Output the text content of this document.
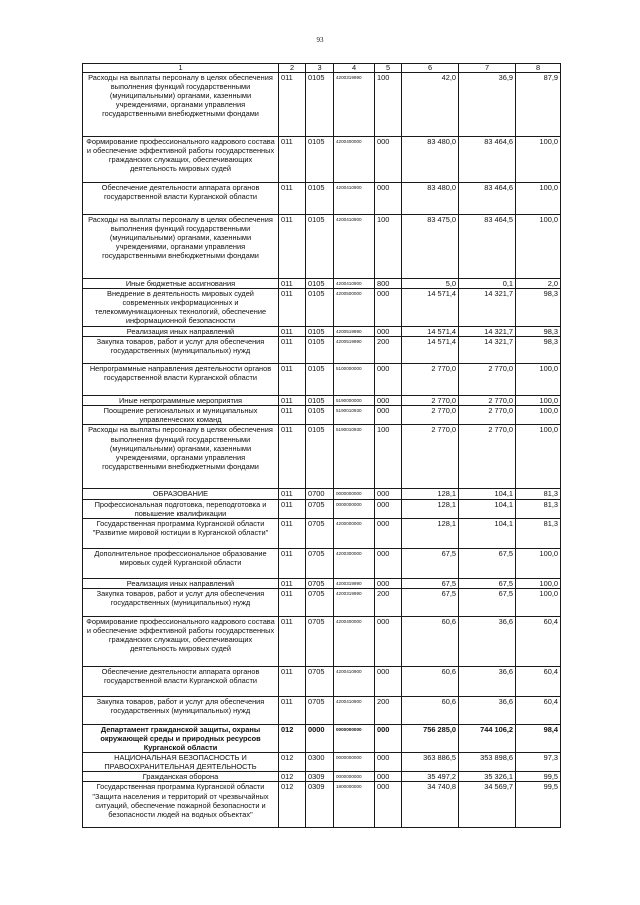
93
1	2	3	4	5	6	7	8
Расходы на выплаты персоналу в целях обеспечения выполнения функций государственными (муниципальными) органами, казенными учреждениями, органами управления государственными внебюджетными фондами	011	0105	4200319990	100	42,0	36,9	87,9
Формирование профессионального кадрового состава и обеспечение эффективной работы государственных гражданских служащих, обеспечивающих деятельность мировых судей	011	0105	4200400000	000	83 480,0	83 464,6	100,0
Обеспечение деятельности аппарата органов государственной власти Курганской области	011	0105	4200410900	000	83 480,0	83 464,6	100,0
Расходы на выплаты персоналу в целях обеспечения выполнения функций государственными (муниципальными) органами, казенными учреждениями, органами управления государственными внебюджетными фондами	011	0105	4200410900	100	83 475,0	83 464,5	100,0
Иные бюджетные ассигнования	011	0105	4200410900	800	5,0	0,1	2,0
Внедрение в деятельность мировых судей современных информационных и телекоммуникационных технологий, обеспечение информационной безопасности	011	0105	4200500000	000	14 571,4	14 321,7	98,3
Реализация иных направлений	011	0105	4200519990	000	14 571,4	14 321,7	98,3
Закупка товаров, работ и услуг для обеспечения государственных (муниципальных) нужд	011	0105	4200519990	200	14 571,4	14 321,7	98,3
Непрограммные направления деятельности органов государственной власти Курганской области	011	0105	5100000000	000	2 770,0	2 770,0	100,0
Иные непрограммные мероприятия	011	0105	5190000000	000	2 770,0	2 770,0	100,0
Поощрение региональных и муниципальных управленческих команд	011	0105	5190010930	000	2 770,0	2 770,0	100,0
Расходы на выплаты персоналу в целях обеспечения выполнения функций государственными (муниципальными) органами, казенными учреждениями, органами управления государственными внебюджетными фондами	011	0105	5190010930	100	2 770,0	2 770,0	100,0
ОБРАЗОВАНИЕ	011	0700	0000000000	000	128,1	104,1	81,3
Профессиональная подготовка, переподготовка и повышение квалификации	011	0705	0000000000	000	128,1	104,1	81,3
Государственная программа Курганской области "Развитие мировой юстиции в Курганской области"	011	0705	4200000000	000	128,1	104,1	81,3
Дополнительное профессиональное образование мировых судей Курганской области	011	0705	4200300000	000	67,5	67,5	100,0
Реализация иных направлений	011	0705	4200319990	000	67,5	67,5	100,0
Закупка товаров, работ и услуг для обеспечения государственных (муниципальных) нужд	011	0705	4200319990	200	67,5	67,5	100,0
Формирование профессионального кадрового состава и обеспечение эффективной работы государственных гражданских служащих, обеспечивающих деятельность мировых судей	011	0705	4200400000	000	60,6	36,6	60,4
Обеспечение деятельности аппарата органов государственной власти Курганской области	011	0705	4200410900	000	60,6	36,6	60,4
Закупка товаров, работ и услуг для обеспечения государственных (муниципальных) нужд	011	0705	4200410900	200	60,6	36,6	60,4
Департамент гражданской защиты, охраны окружающей среды и природных ресурсов Курганской области	012	0000	0000000000	000	756 285,0	744 106,2	98,4
НАЦИОНАЛЬНАЯ БЕЗОПАСНОСТЬ И ПРАВООХРАНИТЕЛЬНАЯ ДЕЯТЕЛЬНОСТЬ	012	0300	0000000000	000	363 886,5	353 898,6	97,3
Гражданская оборона	012	0309	0000000000	000	35 497,2	35 326,1	99,5
Государственная программа Курганской области "Защита населения и территорий от чрезвычайных ситуаций, обеспечение пожарной безопасности и безопасности людей на водных объектах"	012	0309	1800000000	000	34 740,8	34 569,7	99,5
